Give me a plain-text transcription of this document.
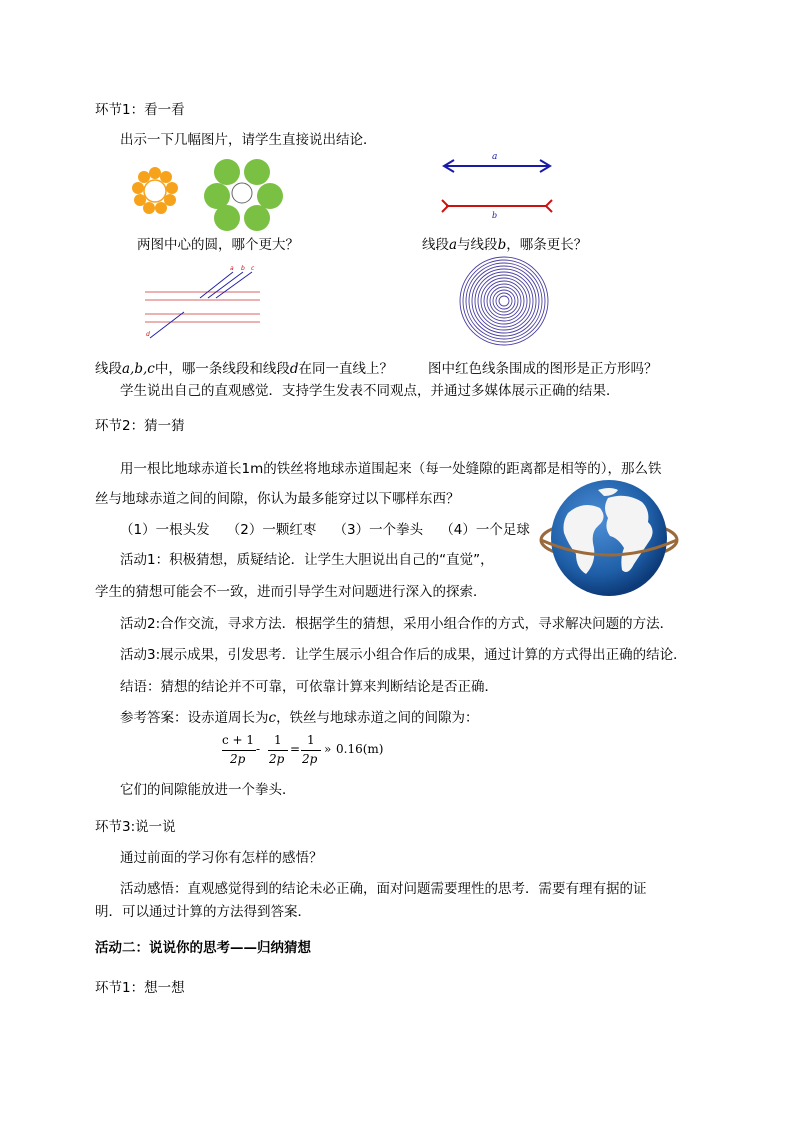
环节1：看一看
出示一下几幅图片，请学生直接说出结论．
a
b
两图中心的圆，哪个更大？	线段a与线段b，哪条更长？
a b c
d
线段a,b,c中，哪一条线段和线段d在同一直线上？	图中红色线条围成的图形是正方形吗？
学生说出自己的直观感觉．支持学生发表不同观点，并通过多媒体展示正确的结果．
环节2：猜一猜
用一根比地球赤道长1m的铁丝将地球赤道围起来（每一处缝隙的距离都是相等的），那么铁
丝与地球赤道之间的间隙，你认为最多能穿过以下哪样东西？
（1）一根头发 （2）一颗红枣 （3）一个拳头 （4）一个足球
活动1：积极猜想，质疑结论．让学生大胆说出自己的“直觉”，
学生的猜想可能会不一致，进而引导学生对问题进行深入的探索．
活动2:合作交流，寻求方法．根据学生的猜想，采用小组合作的方式，寻求解决问题的方法．
活动3:展示成果，引发思考．让学生展示小组合作后的成果，通过计算的方式得出正确的结论．
结语：猜想的结论并不可靠，可依靠计算来判断结论是否正确．
参考答案：设赤道周长为c，铁丝与地球赤道之间的间隙为：
c + 1
2p
-
1
2p
=
1
2p
» 0.16(m)
它们的间隙能放进一个拳头．
环节3:说一说
通过前面的学习你有怎样的感悟？
活动感悟：直观感觉得到的结论未必正确，面对问题需要理性的思考．需要有理有据的证
明．可以通过计算的方法得到答案．
活动二：说说你的思考——归纳猜想
环节1：想一想
